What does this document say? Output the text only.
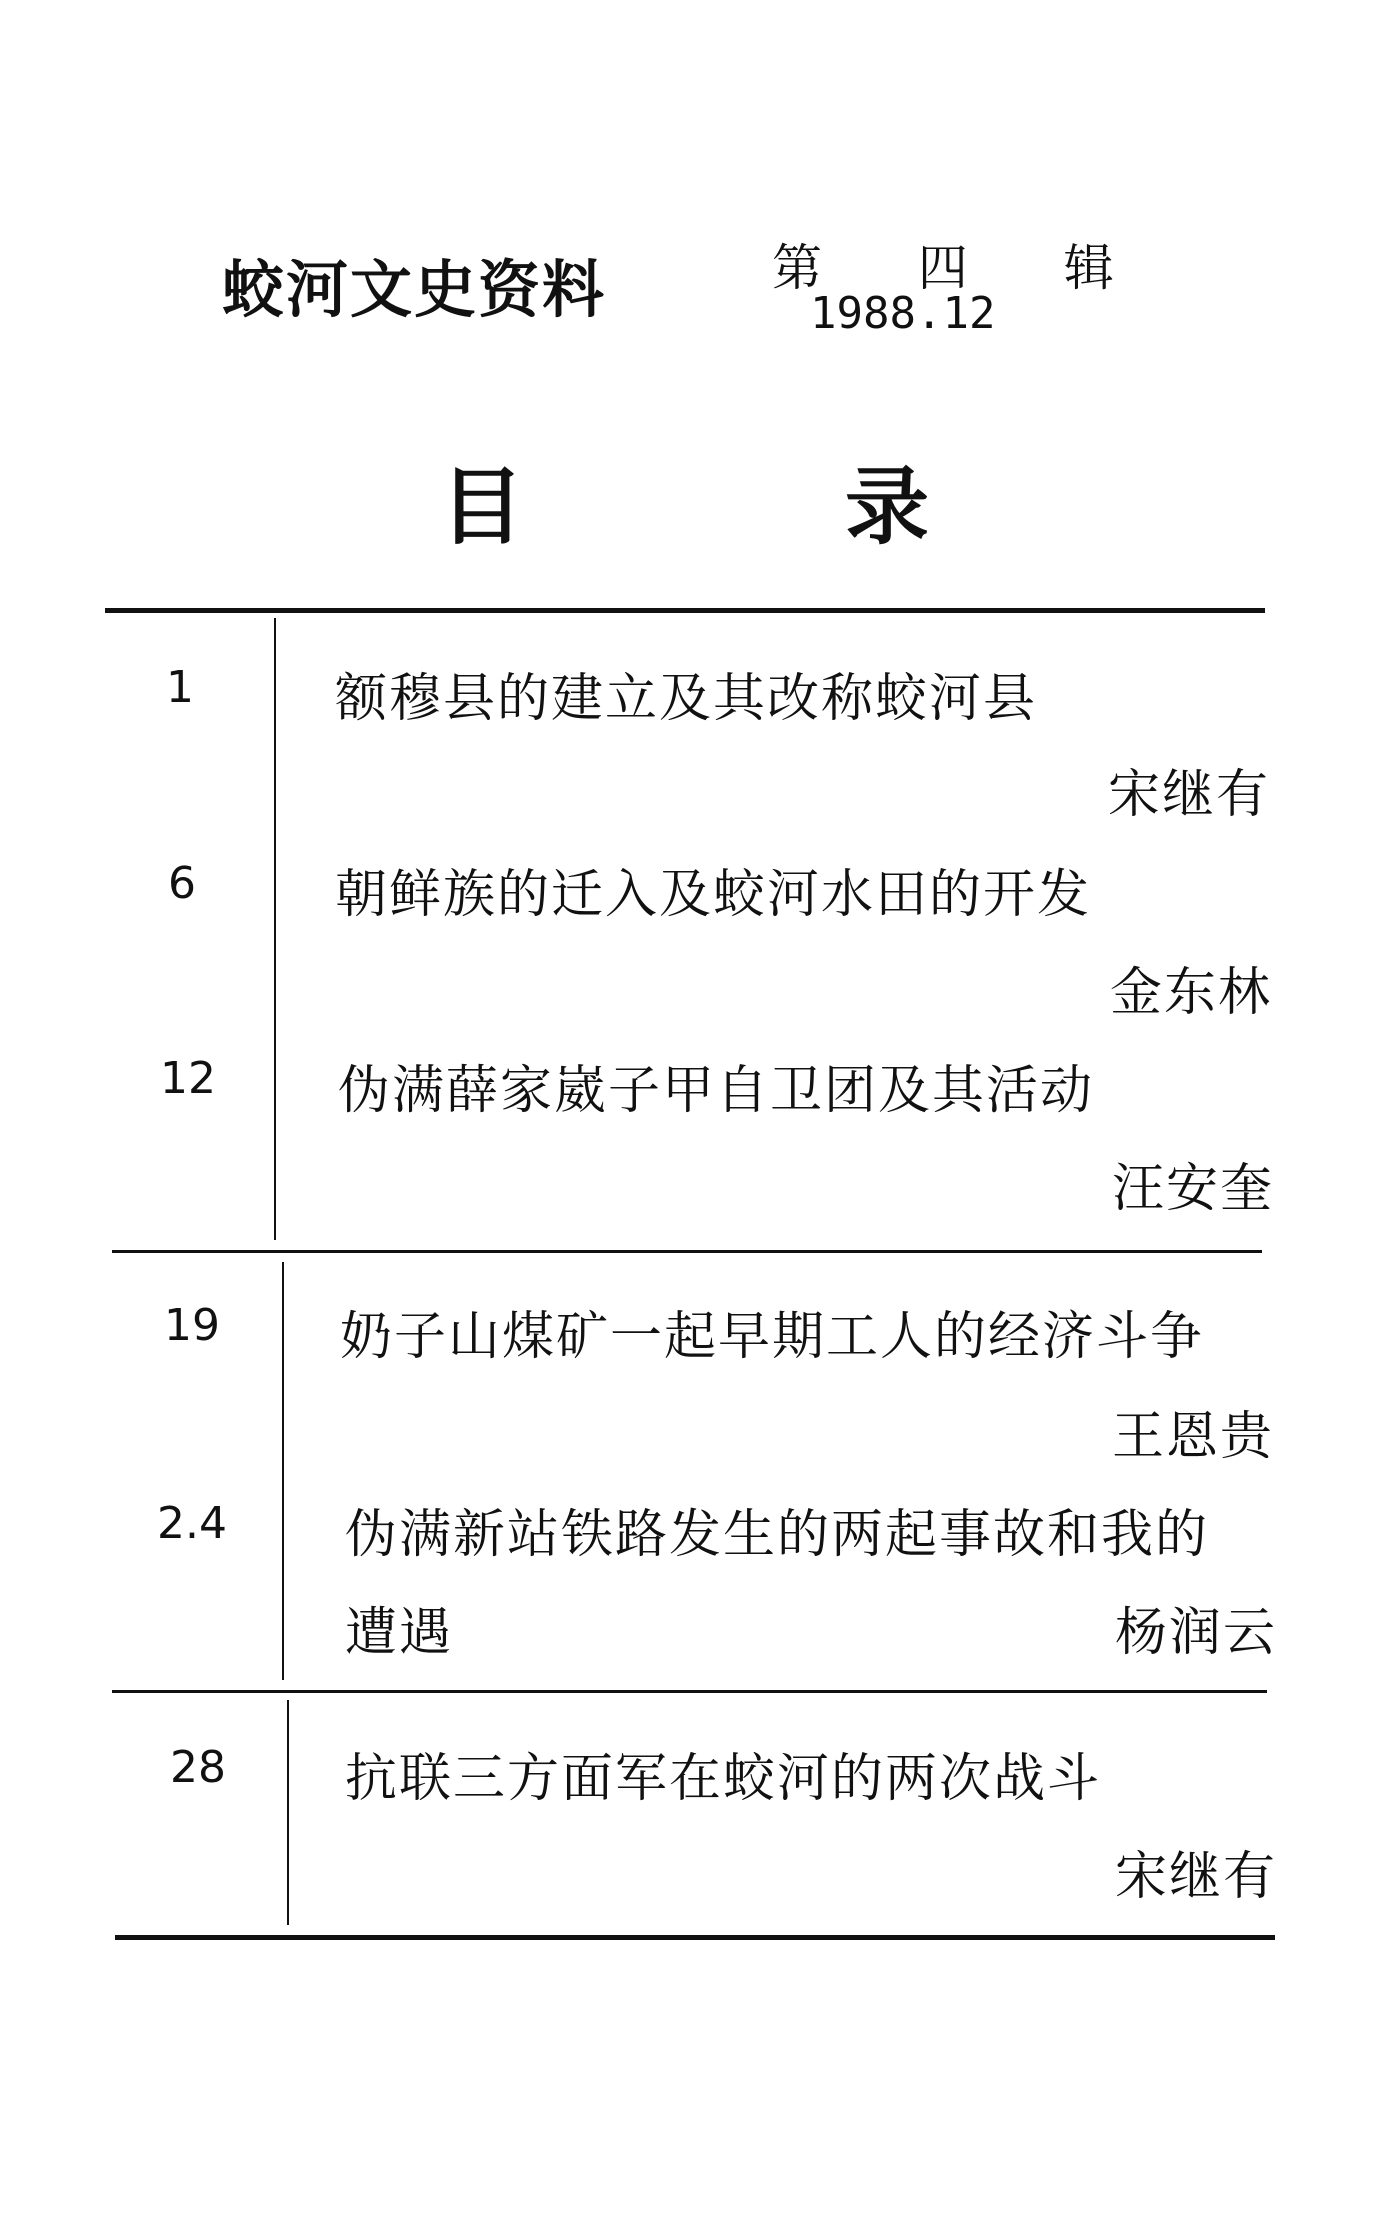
蛟河文史资料	第 四 辑
1988.12
目	录
1	额穆县的建立及其改称蛟河县
宋继有
6	朝鲜族的迁入及蛟河水田的开发
金东林
12	伪满薛家崴子甲自卫团及其活动
汪安奎
19	奶子山煤矿一起早期工人的经济斗争
王恩贵
2.4	伪满新站铁路发生的两起事故和我的
遭遇	杨润云
28	抗联三方面军在蛟河的两次战斗
宋继有
